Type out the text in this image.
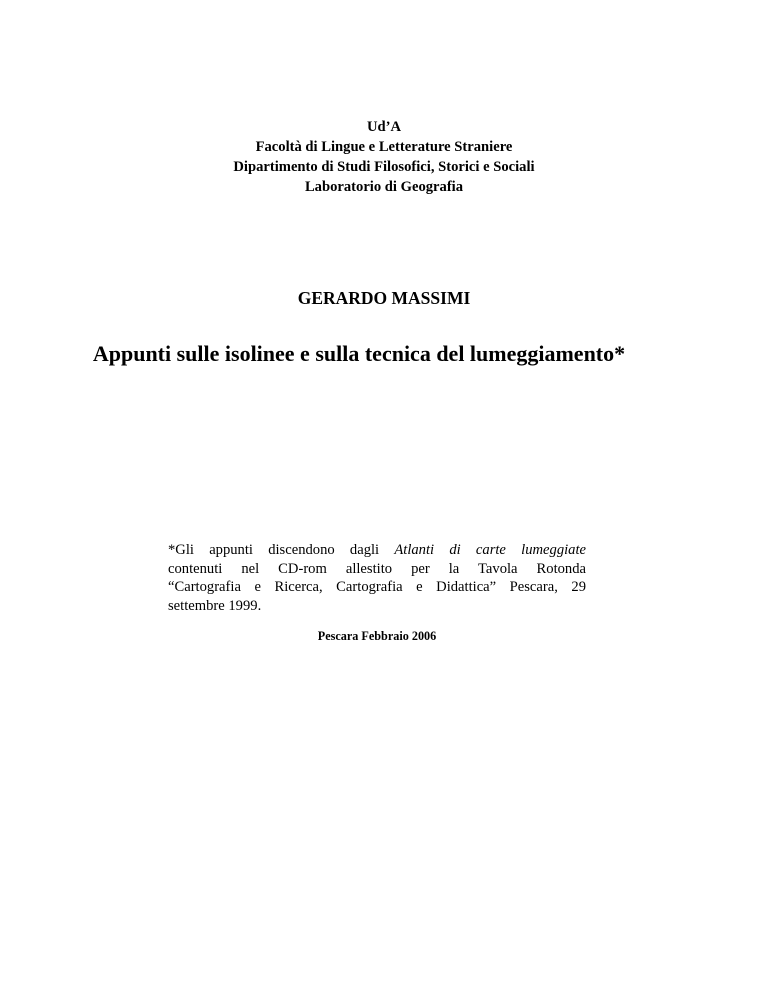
Ud’A
Facoltà di Lingue e Letterature Straniere
Dipartimento di Studi Filosofici, Storici e Sociali
Laboratorio di Geografia
GERARDO MASSIMI
Appunti sulle isolinee e sulla tecnica del lumeggiamento*
*Gli appunti discendono dagli Atlanti di carte lumeggiate
contenuti nel CD-rom allestito per la Tavola Rotonda
“Cartografia e Ricerca, Cartografia e Didattica” Pescara, 29
settembre 1999.
Pescara Febbraio 2006
